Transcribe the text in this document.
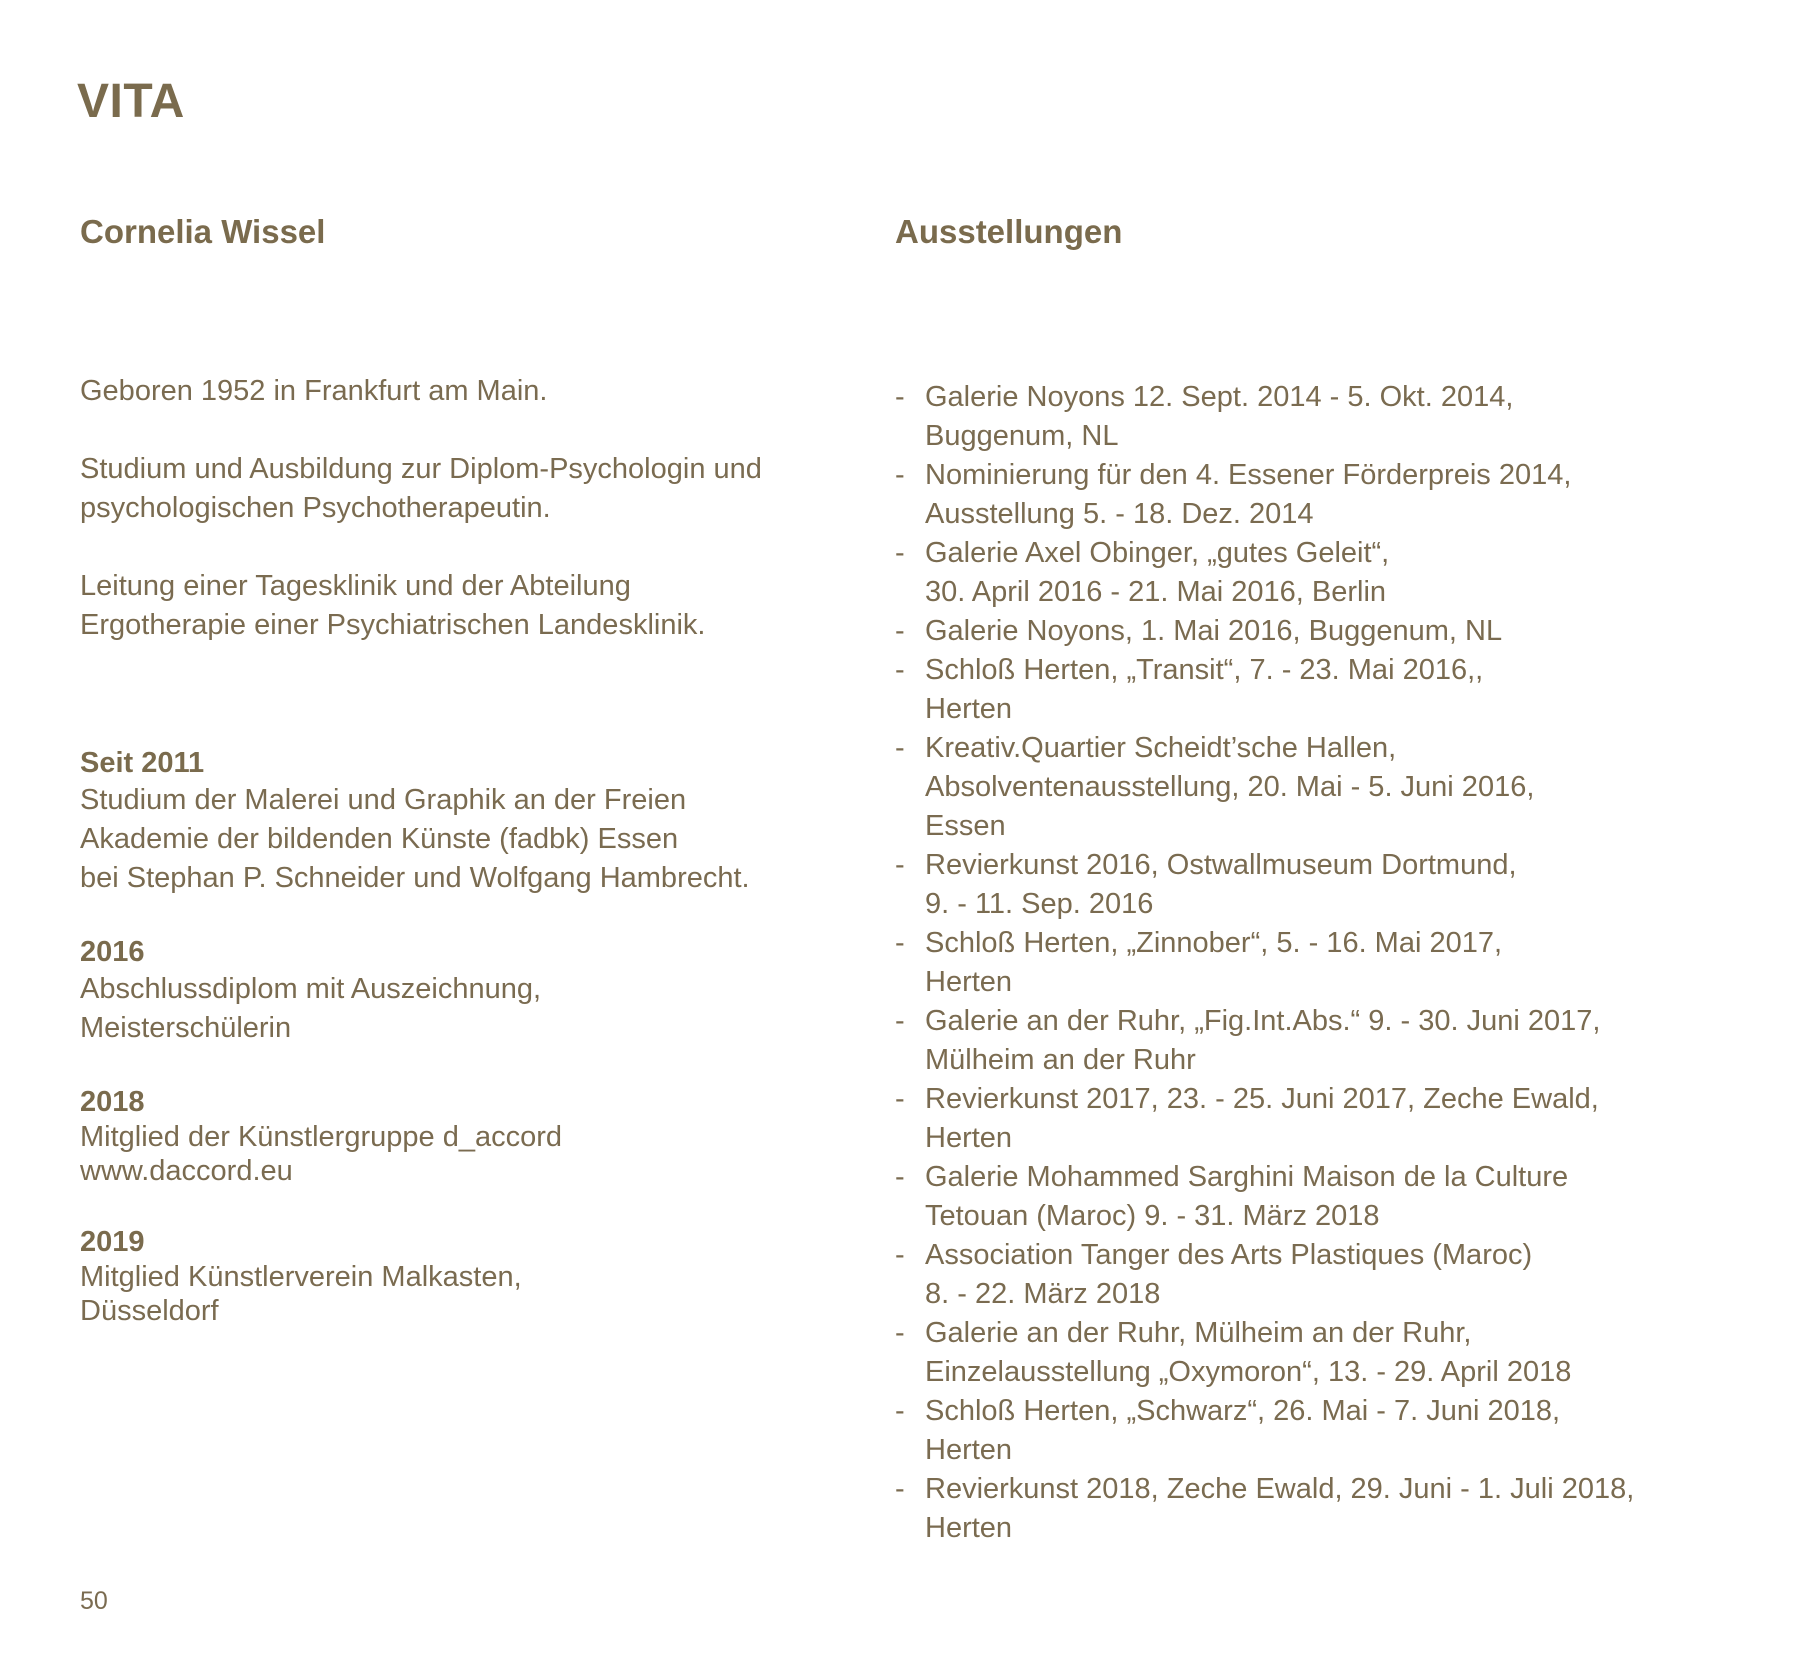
VITA
Cornelia Wissel

Geboren 1952 in Frankfurt am Main.

Studium und Ausbildung zur Diplom-Psychologin und
psychologischen Psychotherapeutin.

Leitung einer Tagesklinik und der Abteilung
Ergotherapie einer Psychiatrischen Landesklinik.

Seit 2011
Studium der Malerei und Graphik an der Freien
Akademie der bildenden Künste (fadbk) Essen
bei Stephan P. Schneider und Wolfgang Hambrecht.
2016
Abschlussdiplom mit Auszeichnung,
Meisterschülerin
2018
Mitglied der Künstlergruppe d_accord
www.daccord.eu
2019
Mitglied Künstlerverein Malkasten,
Düsseldorf
Ausstellungen
- Galerie Noyons 12. Sept. 2014 - 5. Okt. 2014,
Buggenum, NL
- Nominierung für den 4. Essener Förderpreis 2014,
Ausstellung 5. - 18. Dez. 2014
- Galerie Axel Obinger, „gutes Geleit“,
30. April 2016 - 21. Mai 2016, Berlin
- Galerie Noyons, 1. Mai 2016, Buggenum, NL
- Schloß Herten, „Transit“, 7. - 23. Mai 2016,,
Herten
- Kreativ.Quartier Scheidt’sche Hallen,
Absolventenausstellung, 20. Mai - 5. Juni 2016,
Essen
- Revierkunst 2016, Ostwallmuseum Dortmund,
9. - 11. Sep. 2016
- Schloß Herten, „Zinnober“, 5. - 16. Mai 2017,
Herten
- Galerie an der Ruhr, „Fig.Int.Abs.“ 9. - 30. Juni 2017,
Mülheim an der Ruhr
- Revierkunst 2017, 23. - 25. Juni 2017, Zeche Ewald,
Herten
- Galerie Mohammed Sarghini Maison de la Culture
Tetouan (Maroc) 9. - 31. März 2018
- Association Tanger des Arts Plastiques (Maroc)
8. - 22. März 2018
- Galerie an der Ruhr, Mülheim an der Ruhr,
Einzelausstellung „Oxymoron“, 13. - 29. April 2018
- Schloß Herten, „Schwarz“, 26. Mai - 7. Juni 2018,
Herten
- Revierkunst 2018, Zeche Ewald, 29. Juni - 1. Juli 2018,
Herten
50
